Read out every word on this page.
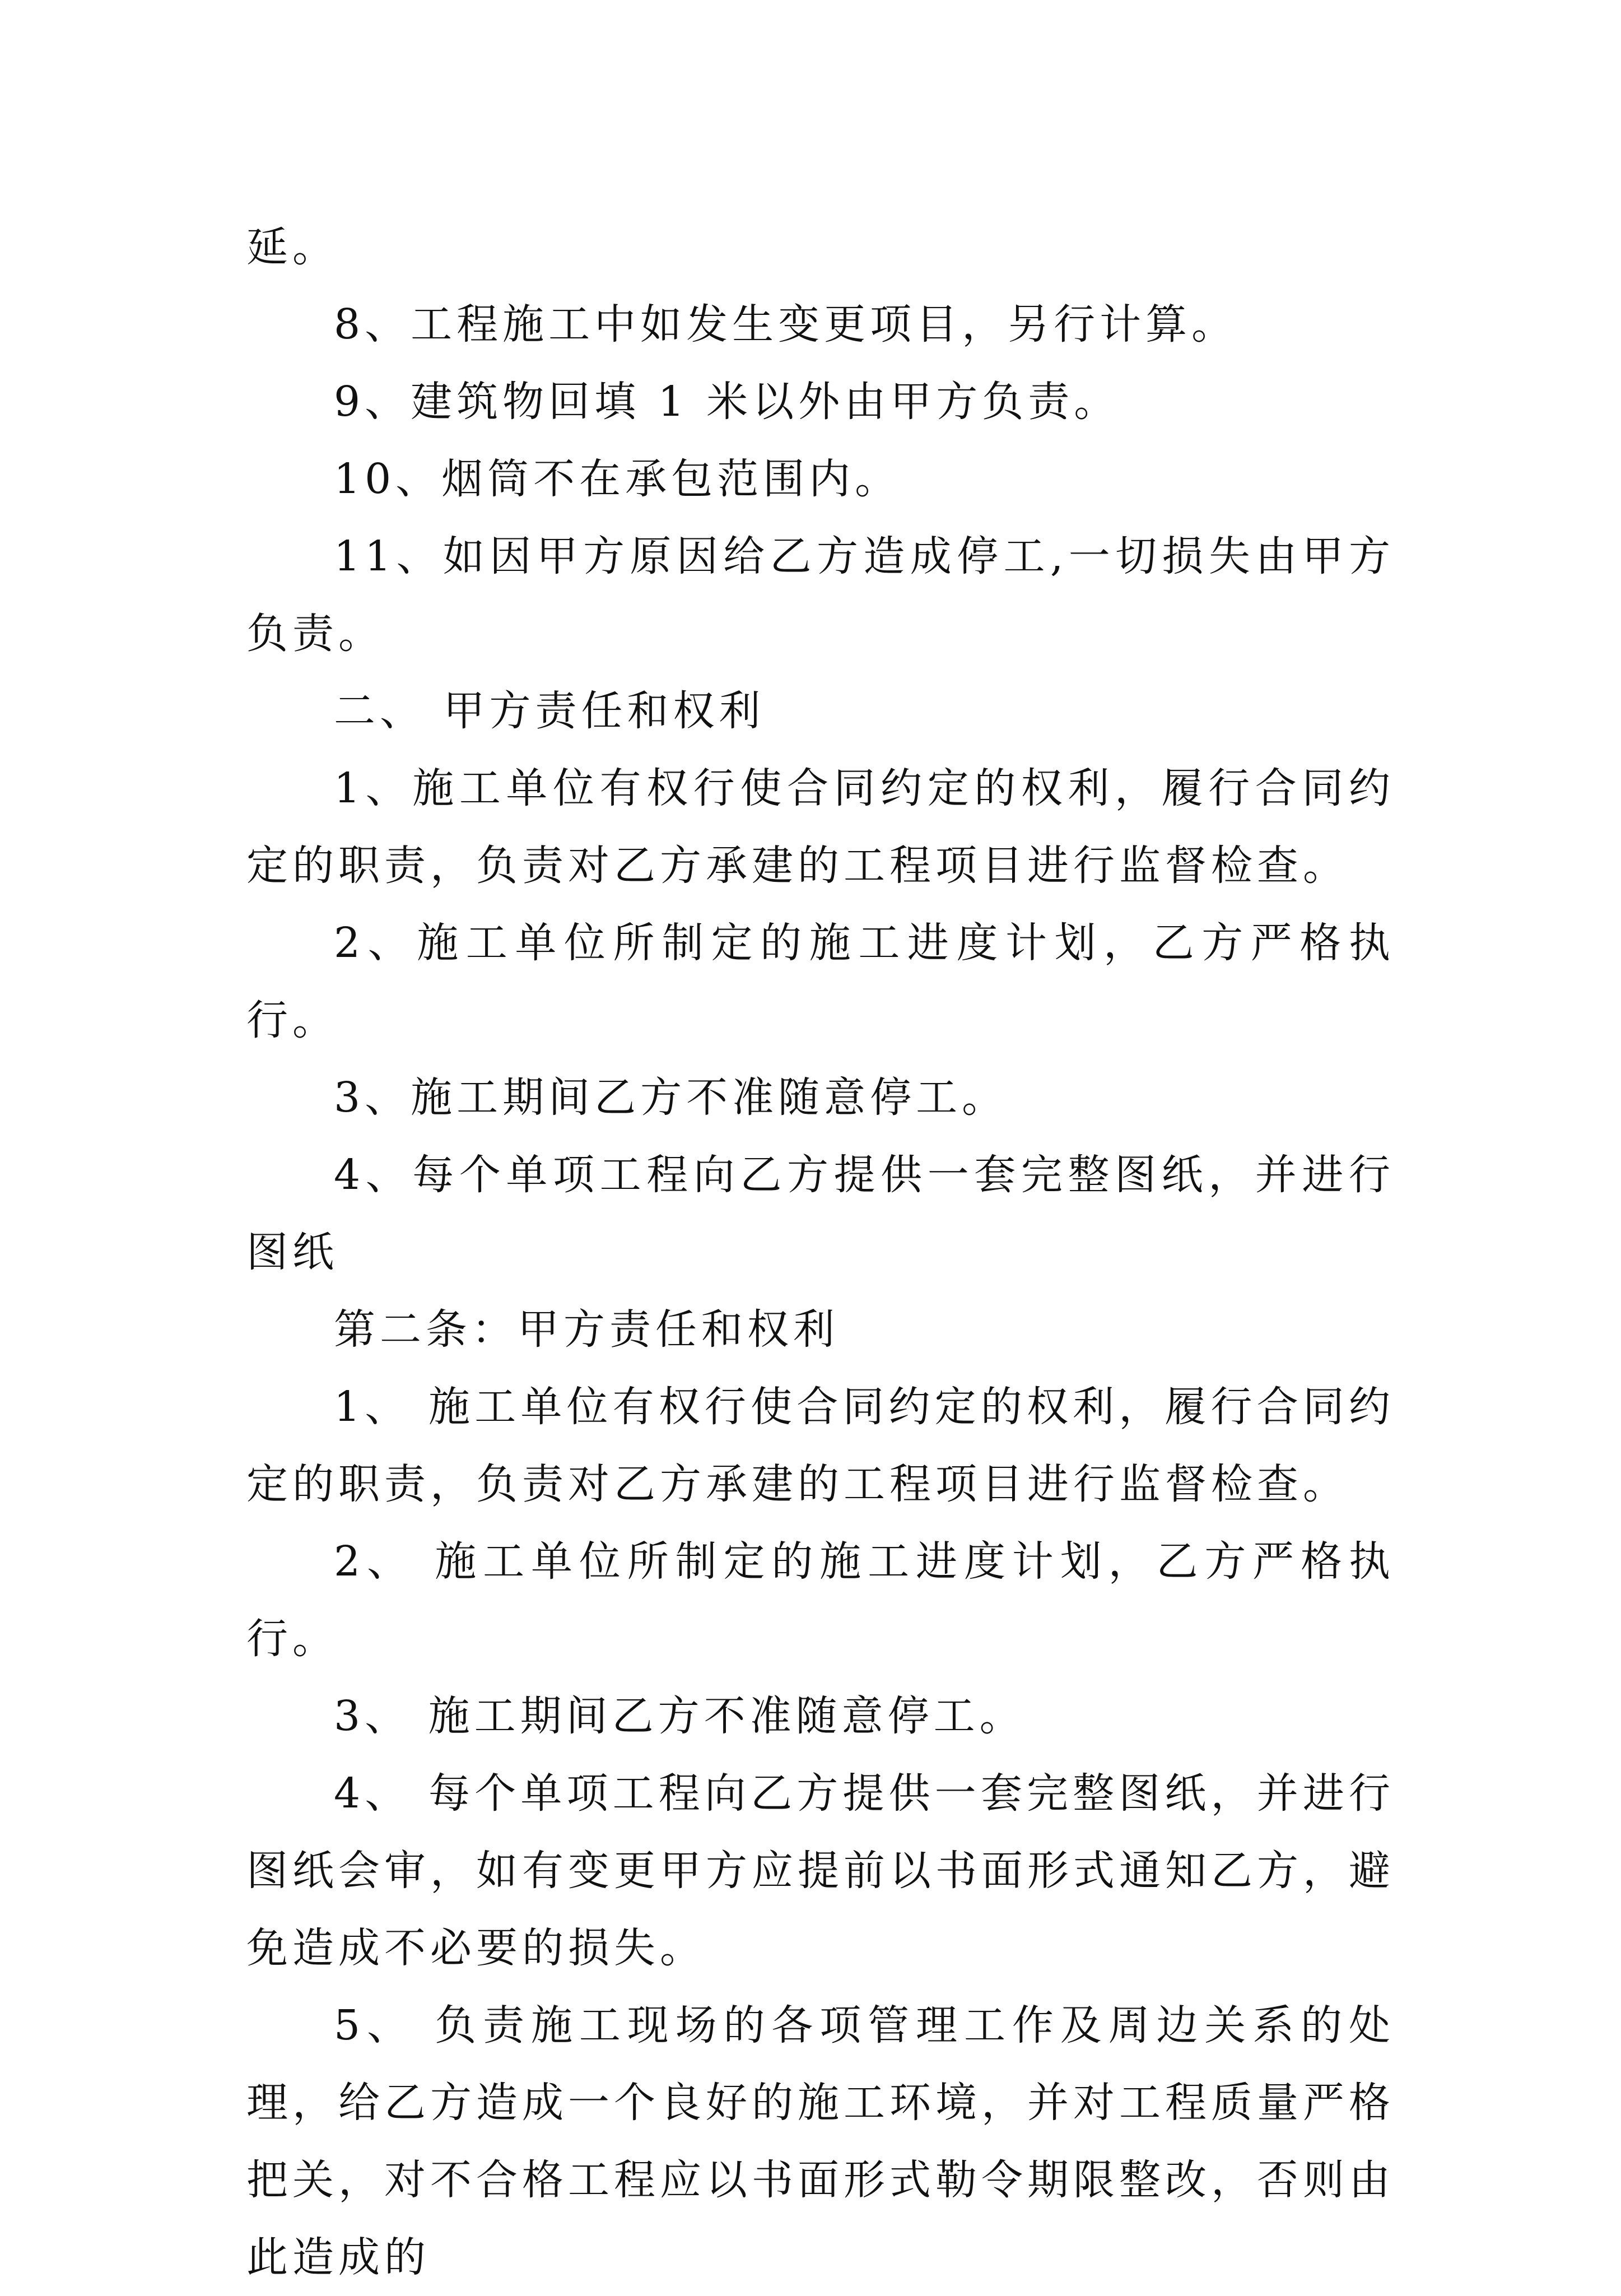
延。

8、工程施工中如发生变更项目，另行计算。

9、建筑物回填 1 米以外由甲方负责。

10、烟筒不在承包范围内。

11、如因甲方原因给乙方造成停工,一切损失由甲方负责。

二、 甲方责任和权利

1、施工单位有权行使合同约定的权利，履行合同约定的职责，负责对乙方承建的工程项目进行监督检查。

2、施工单位所制定的施工进度计划，乙方严格执行。

3、施工期间乙方不准随意停工。

4、每个单项工程向乙方提供一套完整图纸，并进行图纸

第二条：甲方责任和权利

1、 施工单位有权行使合同约定的权利，履行合同约定的职责，负责对乙方承建的工程项目进行监督检查。

2、 施工单位所制定的施工进度计划，乙方严格执行。

3、 施工期间乙方不准随意停工。

4、 每个单项工程向乙方提供一套完整图纸，并进行图纸会审，如有变更甲方应提前以书面形式通知乙方，避免造成不必要的损失。

5、 负责施工现场的各项管理工作及周边关系的处理，给乙方造成一个良好的施工环境，并对工程质量严格把关，对不合格工程应以书面形式勒令期限整改，否则由此造成的
